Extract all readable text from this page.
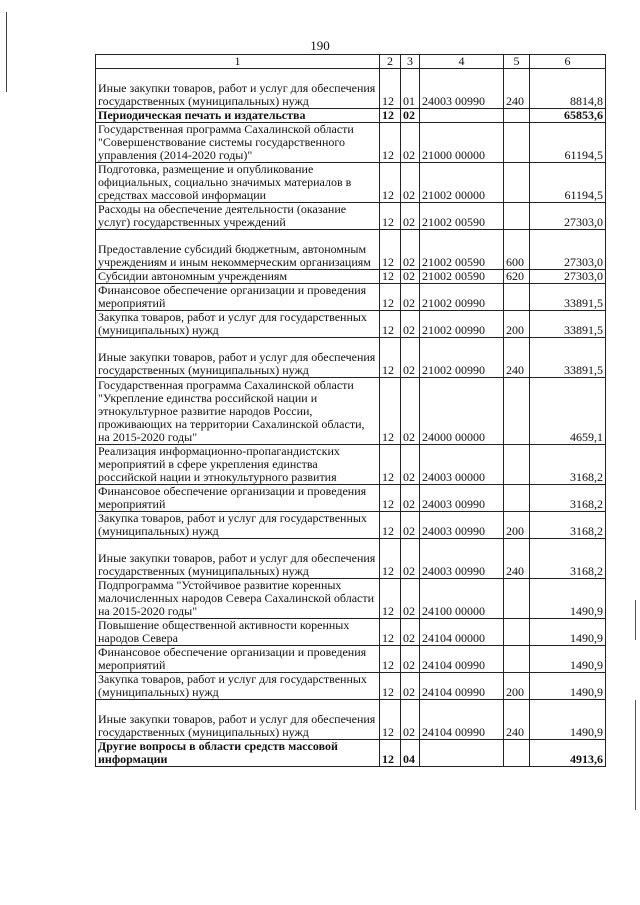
190
1	2	3	4	5	6
Иные закупки товаров, работ и услуг для обеспечения государственных (муниципальных) нужд	12	01	24003 00990	240	8814,8
Периодическая печать и издательства	12	02			65853,6
Государственная программа Сахалинской области "Совершенствование системы государственного управления (2014-2020 годы)"	12	02	21000 00000		61194,5
Подготовка, размещение и опубликование официальных, социально значимых материалов в средствах массовой информации	12	02	21002 00000		61194,5
Расходы на обеспечение деятельности (оказание услуг) государственных учреждений	12	02	21002 00590		27303,0
Предоставление субсидий бюджетным, автономным учреждениям и иным некоммерческим организациям	12	02	21002 00590	600	27303,0
Субсидии автономным учреждениям	12	02	21002 00590	620	27303,0
Финансовое обеспечение организации и проведения мероприятий	12	02	21002 00990		33891,5
Закупка товаров, работ и услуг для государственных (муниципальных) нужд	12	02	21002 00990	200	33891,5
Иные закупки товаров, работ и услуг для обеспечения государственных (муниципальных) нужд	12	02	21002 00990	240	33891,5
Государственная программа Сахалинской области "Укрепление единства российской нации и этнокультурное развитие народов России, проживающих на территории Сахалинской области, на 2015-2020 годы"	12	02	24000 00000		4659,1
Реализация информационно-пропагандистских мероприятий в сфере укрепления единства российской нации и этнокультурного развития	12	02	24003 00000		3168,2
Финансовое обеспечение организации и проведения мероприятий	12	02	24003 00990		3168,2
Закупка товаров, работ и услуг для государственных (муниципальных) нужд	12	02	24003 00990	200	3168,2
Иные закупки товаров, работ и услуг для обеспечения государственных (муниципальных) нужд	12	02	24003 00990	240	3168,2
Подпрограмма "Устойчивое развитие коренных малочисленных народов Севера Сахалинской области на 2015-2020 годы"	12	02	24100 00000		1490,9
Повышение общественной активности коренных народов Севера	12	02	24104 00000		1490,9
Финансовое обеспечение организации и проведения мероприятий	12	02	24104 00990		1490,9
Закупка товаров, работ и услуг для государственных (муниципальных) нужд	12	02	24104 00990	200	1490,9
Иные закупки товаров, работ и услуг для обеспечения государственных (муниципальных) нужд	12	02	24104 00990	240	1490,9
Другие вопросы в области средств массовой информации	12	04			4913,6
